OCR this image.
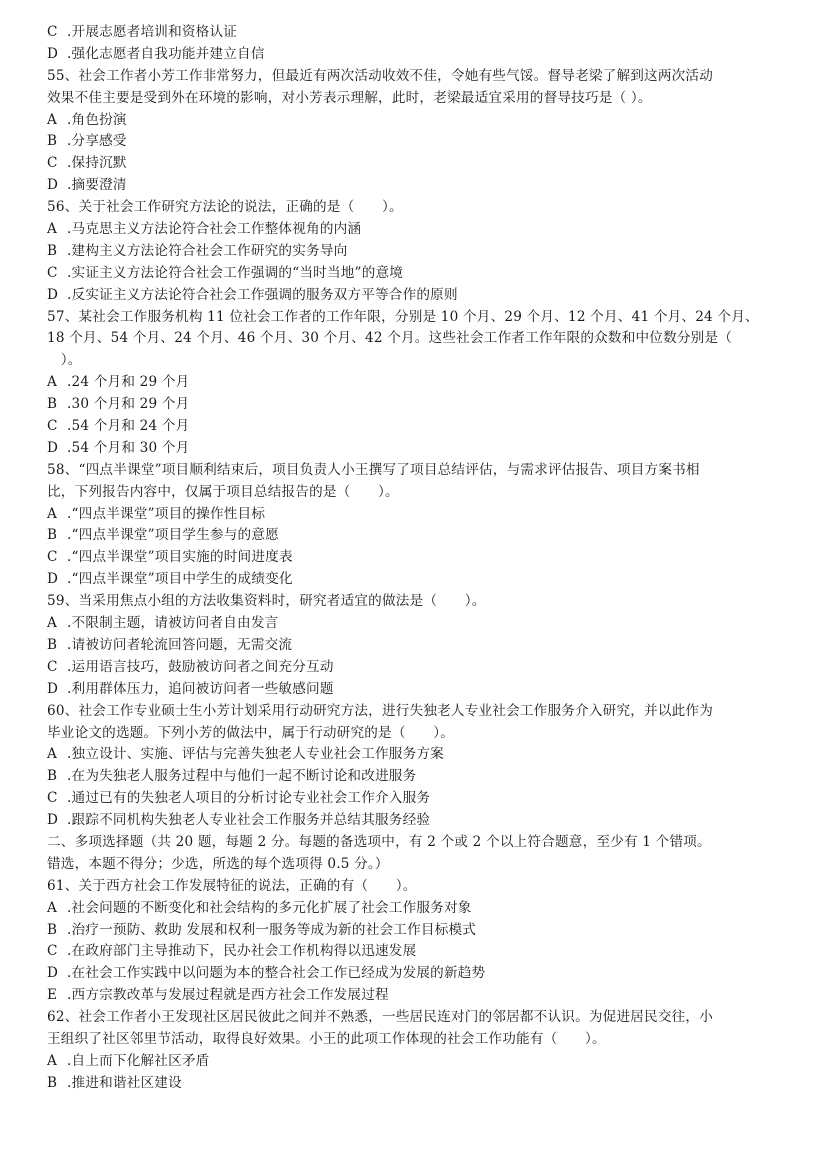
C .开展志愿者培训和资格认证
D .强化志愿者自我功能并建立自信
55、社会工作者小芳工作非常努力，但最近有两次活动收效不佳，令她有些气馁。督导老梁了解到这两次活动
效果不佳主要是受到外在环境的影响，对小芳表示理解，此时，老梁最适宜采用的督导技巧是（ ）。
A .角色扮演
B .分享感受
C .保持沉默
D .摘要澄清
56、关于社会工作研究方法论的说法，正确的是（　　）。
A .马克思主义方法论符合社会工作整体视角的内涵
B .建构主义方法论符合社会工作研究的实务导向
C .实证主义方法论符合社会工作强调的“当时当地”的意境
D .反实证主义方法论符合社会工作强调的服务双方平等合作的原则
57、某社会工作服务机构 11 位社会工作者的工作年限，分别是 10 个月、29 个月、12 个月、41 个月、24 个月、
18 个月、54 个月、24 个月、46 个月、30 个月、42 个月。这些社会工作者工作年限的众数和中位数分别是（
　）。
A .24 个月和 29 个月
B .30 个月和 29 个月
C .54 个月和 24 个月
D .54 个月和 30 个月
58、“四点半课堂”项目顺利结束后，项目负责人小王撰写了项目总结评估，与需求评估报告、项目方案书相
比，下列报告内容中，仅属于项目总结报告的是（　　）。
A .“四点半课堂”项目的操作性目标
B .“四点半课堂”项目学生参与的意愿
C .“四点半课堂”项目实施的时间进度表
D .“四点半课堂”项目中学生的成绩变化
59、当采用焦点小组的方法收集资料时，研究者适宜的做法是（　　）。
A .不限制主题，请被访问者自由发言
B .请被访问者轮流回答问题，无需交流
C .运用语言技巧，鼓励被访问者之间充分互动
D .利用群体压力，追问被访问者一些敏感问题
60、社会工作专业硕士生小芳计划采用行动研究方法，进行失独老人专业社会工作服务介入研究，并以此作为
毕业论文的选题。下列小芳的做法中，属于行动研究的是（　　）。
A .独立设计、实施、评估与完善失独老人专业社会工作服务方案
B .在为失独老人服务过程中与他们一起不断讨论和改进服务
C .通过已有的失独老人项目的分析讨论专业社会工作介入服务
D .跟踪不同机构失独老人专业社会工作服务并总结其服务经验
二、多项选择题（共 20 题，每题 2 分。每题的备选项中，有 2 个或 2 个以上符合题意，至少有 1 个错项。
错选，本题不得分；少选，所选的每个选项得 0.5 分。）
61、关于西方社会工作发展特征的说法，正确的有（　　）。
A .社会问题的不断变化和社会结构的多元化扩展了社会工作服务对象
B .治疗一预防、救助 发展和权利一服务等成为新的社会工作目标模式
C .在政府部门主导推动下，民办社会工作机构得以迅速发展
D .在社会工作实践中以问题为本的整合社会工作已经成为发展的新趋势
E .西方宗教改革与发展过程就是西方社会工作发展过程
62、社会工作者小王发现社区居民彼此之间并不熟悉，一些居民连对门的邻居都不认识。为促进居民交往，小
王组织了社区邻里节活动，取得良好效果。小王的此项工作体现的社会工作功能有（　　）。
A .自上而下化解社区矛盾
B .推进和谐社区建设
